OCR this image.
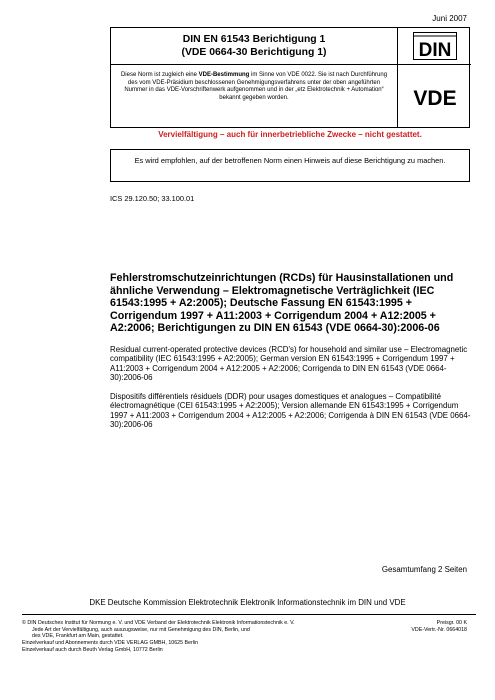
Juni 2007
DIN EN 61543 Berichtigung 1
(VDE 0664-30 Berichtigung 1)	DIN
Diese Norm ist zugleich eine VDE-Bestimmung im Sinne von VDE 0022. Sie ist nach Durchführung des vom VDE-Präsidium beschlossenen Genehmigungsverfahrens unter der oben angeführten Nummer in das VDE-Vorschriftenwerk aufgenommen und in der „etz Elektrotechnik + Automation“ bekannt gegeben worden.	VDE
Vervielfältigung – auch für innerbetriebliche Zwecke – nicht gestattet.
Es wird empfohlen, auf der betroffenen Norm einen Hinweis auf diese Berichtigung zu machen.
ICS 29.120.50; 33.100.01
Fehlerstromschutzeinrichtungen (RCDs) für Hausinstallationen und ähnliche Verwendung – Elektromagnetische Verträglichkeit (IEC 61543:1995 + A2:2005); Deutsche Fassung EN 61543:1995 + Corrigendum 1997 + A11:2003 + Corrigendum 2004 + A12:2005 + A2:2006; Berichtigungen zu DIN EN 61543 (VDE 0664-30):2006-06
Residual current-operated protective devices (RCD's) for household and similar use – Electromagnetic compatibility (IEC 61543:1995 + A2:2005); German version EN 61543:1995 + Corrigendum 1997 + A11:2003 + Corrigendum 2004 + A12:2005 + A2:2006; Corrigenda to DIN EN 61543 (VDE 0664-30):2006-06
Dispositifs différentiels résiduels (DDR) pour usages domestiques et analogues – Compatibilité électromagnétique (CEI 61543:1995 + A2:2005); Version allemande EN 61543:1995 + Corrigendum 1997 + A11:2003 + Corrigendum 2004 + A12:2005 + A2:2006; Corrigenda à DIN EN 61543 (VDE 0664-30):2006-06
Gesamtumfang 2 Seiten
DKE Deutsche Kommission Elektrotechnik Elektronik Informationstechnik im DIN und VDE
© DIN Deutsches Institut für Normung e. V. und VDE Verband der Elektrotechnik Elektronik Informationstechnik e. V.
Jede Art der Vervielfältigung, auch auszugsweise, nur mit Genehmigung des DIN, Berlin, und
des VDE, Frankfurt am Main, gestattet.
Einzelverkauf und Abonnements durch VDE VERLAG GMBH, 10625 Berlin
Einzelverkauf auch durch Beuth Verlag GmbH, 10772 Berlin
Preisgr. 00 K
VDE-Vertr.-Nr. 0664018
